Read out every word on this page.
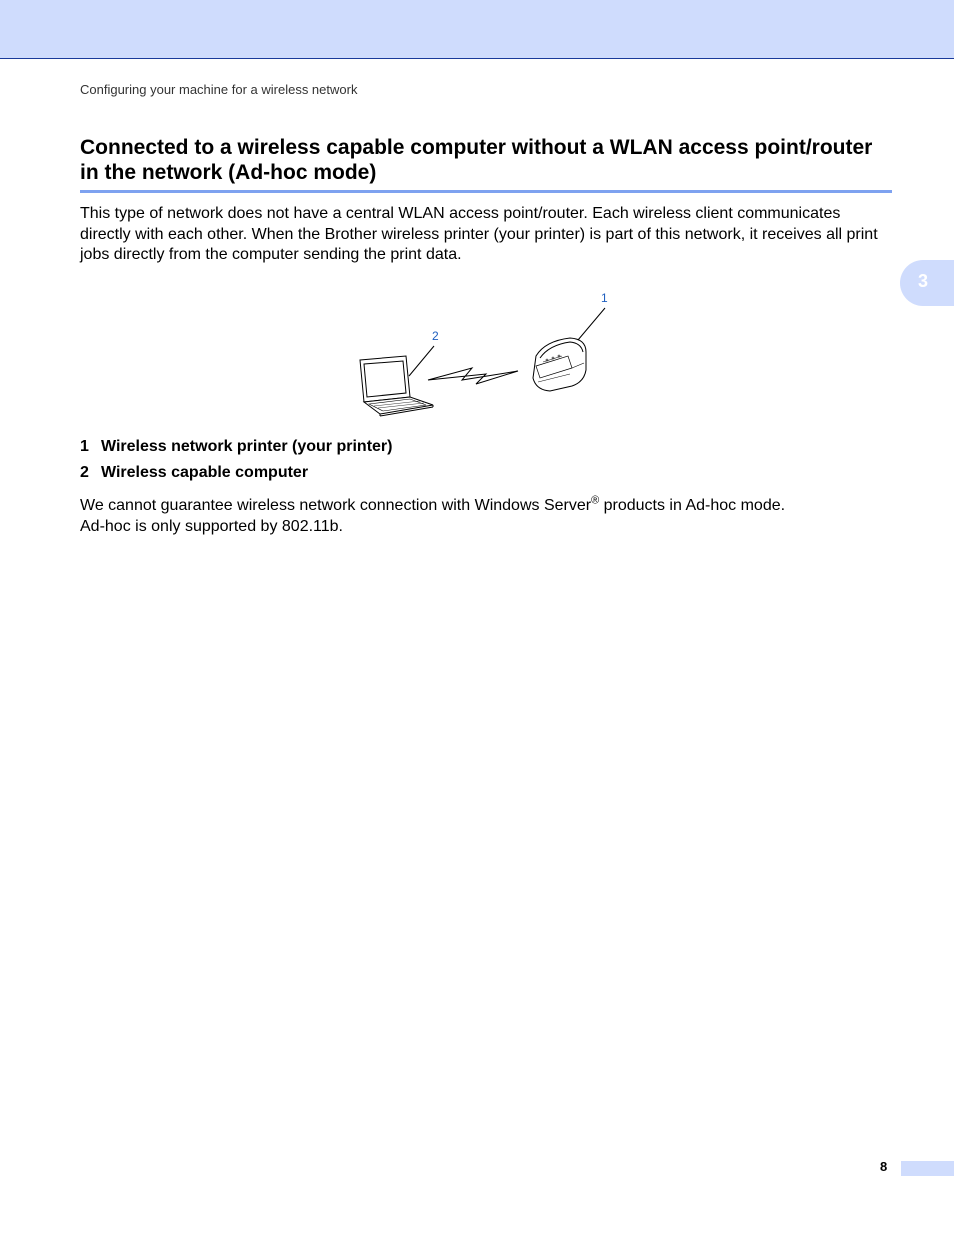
Configuring your machine for a wireless network
Connected to a wireless capable computer without a WLAN access point/router in the network (Ad-hoc mode)

This type of network does not have a central WLAN access point/router. Each wireless client communicates directly with each other. When the Brother wireless printer (your printer) is part of this network, it receives all print jobs directly from the computer sending the print data.

3
1
2
1 Wireless network printer (your printer)
2 Wireless capable computer

We cannot guarantee wireless network connection with Windows Server® products in Ad-hoc mode.
Ad-hoc is only supported by 802.11b.

8
